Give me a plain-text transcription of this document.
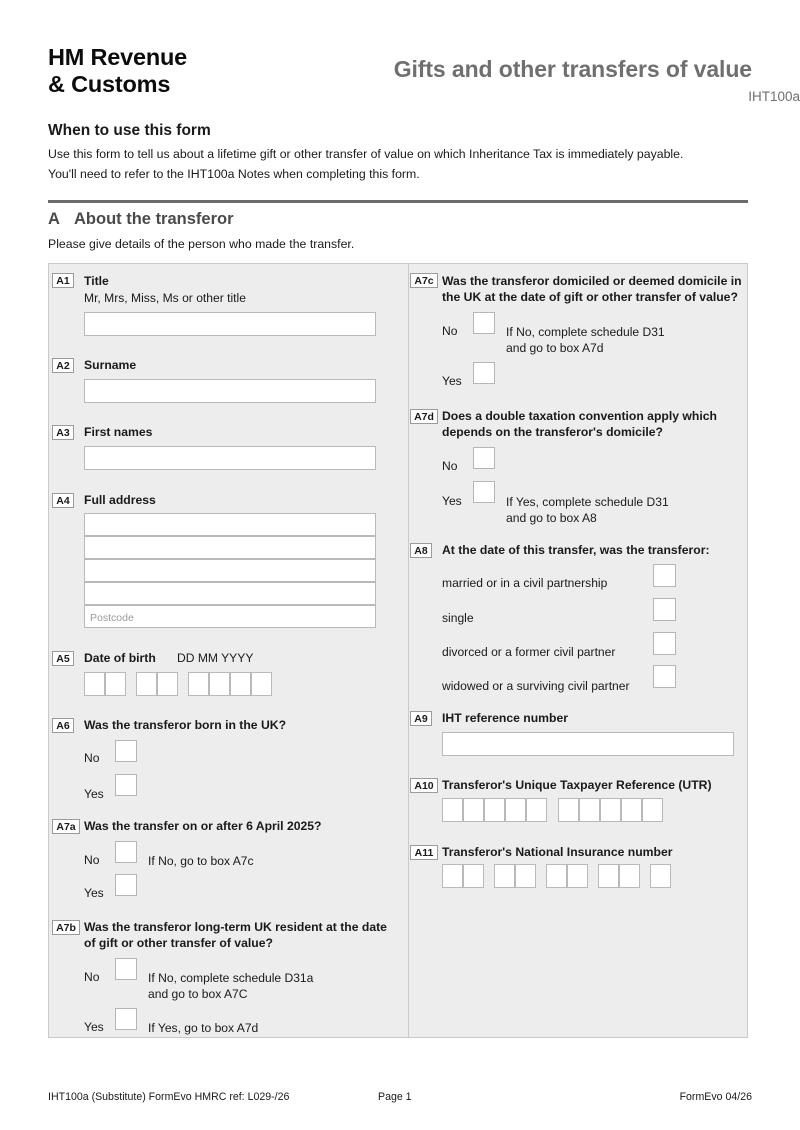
HM Revenue
& Customs
Gifts and other transfers of value
IHT100a
When to use this form
Use this form to tell us about a lifetime gift or other transfer of value on which Inheritance Tax is immediately payable.
You'll need to refer to the IHT100a Notes when completing this form.
A About the transferor
Please give details of the person who made the transfer.
A1	Title
Mr, Mrs, Miss, Ms or other title
A2	Surname
A3	First names
A4	Full address
Postcode
A5	Date of birth DD MM YYYY
A6	Was the transferor born in the UK?
No
Yes
A7a Was the transfer on or after 6 April 2025?
No	If No, go to box A7c
Yes
A7b Was the transferor long-term UK resident at the date
of gift or other transfer of value?
No	If No, complete schedule D31a
and go to box A7C
Yes	If Yes, go to box A7d
A7c Was the transferor domiciled or deemed domicile in
the UK at the date of gift or other transfer of value?
No	If No, complete schedule D31
and go to box A7d
Yes
A7d Does a double taxation convention apply which
depends on the transferor's domicile?
No
Yes	If Yes, complete schedule D31
and go to box A8
A8	At the date of this transfer, was the transferor:
married or in a civil partnership
single
divorced or a former civil partner
widowed or a surviving civil partner
A9	IHT reference number
A10 Transferor's Unique Taxpayer Reference (UTR)
A11 Transferor's National Insurance number
IHT100a (Substitute) FormEvo HMRC ref: L029-/26	Page 1	FormEvo 04/26
